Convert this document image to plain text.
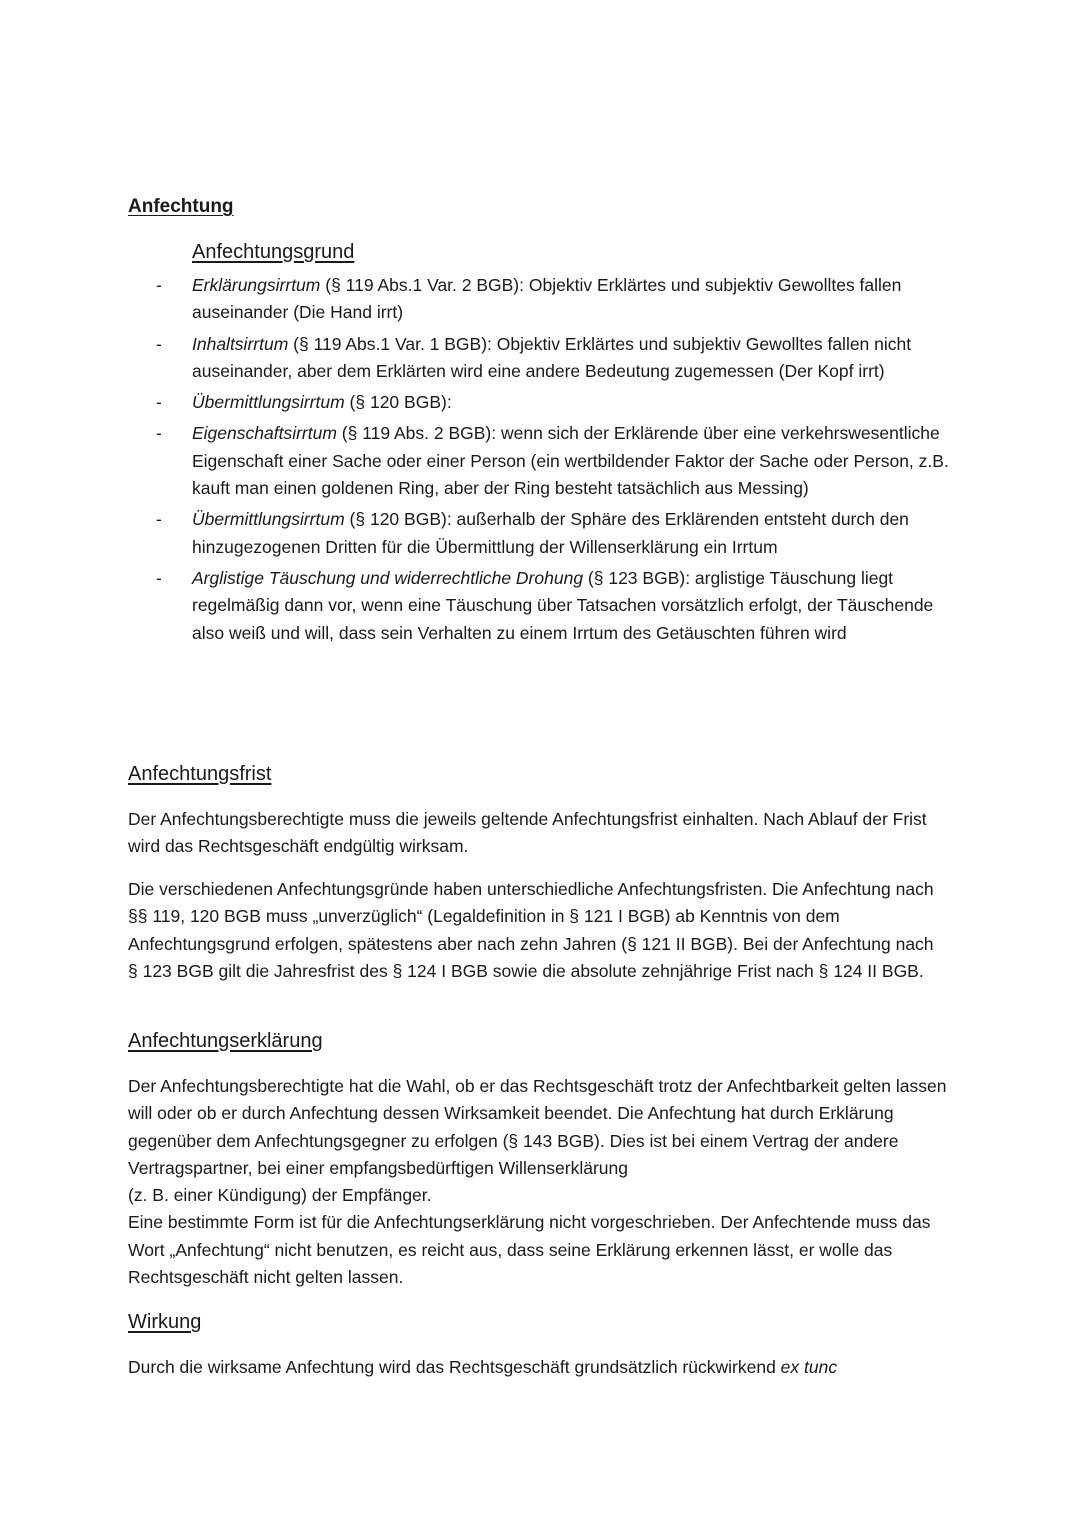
Anfechtung
Anfechtungsgrund
- Erklärungsirrtum (§ 119 Abs.1 Var. 2 BGB): Objektiv Erklärtes und subjektiv Gewolltes fallen auseinander (Die Hand irrt)
- Inhaltsirrtum (§ 119 Abs.1 Var. 1 BGB): Objektiv Erklärtes und subjektiv Gewolltes fallen nicht auseinander, aber dem Erklärten wird eine andere Bedeutung zugemessen (Der Kopf irrt)
- Übermittlungsirrtum (§ 120 BGB):
- Eigenschaftsirrtum (§ 119 Abs. 2 BGB): wenn sich der Erklärende über eine verkehrswesentliche Eigenschaft einer Sache oder einer Person (ein wertbildender Faktor der Sache oder Person, z.B. kauft man einen goldenen Ring, aber der Ring besteht tatsächlich aus Messing)
- Übermittlungsirrtum (§ 120 BGB): außerhalb der Sphäre des Erklärenden entsteht durch den hinzugezogenen Dritten für die Übermittlung der Willenserklärung ein Irrtum
- Arglistige Täuschung und widerrechtliche Drohung (§ 123 BGB): arglistige Täuschung liegt regelmäßig dann vor, wenn eine Täuschung über Tatsachen vorsätzlich erfolgt, der Täuschende also weiß und will, dass sein Verhalten zu einem Irrtum des Getäuschten führen wird
Anfechtungsfrist

Der Anfechtungsberechtigte muss die jeweils geltende Anfechtungsfrist einhalten. Nach Ablauf der Frist wird das Rechtsgeschäft endgültig wirksam.

Die verschiedenen Anfechtungsgründe haben unterschiedliche Anfechtungsfristen. Die Anfechtung nach §§ 119, 120 BGB muss „unverzüglich“ (Legaldefinition in § 121 I BGB) ab Kenntnis von dem Anfechtungsgrund erfolgen, spätestens aber nach zehn Jahren (§ 121 II BGB). Bei der Anfechtung nach § 123 BGB gilt die Jahresfrist des § 124 I BGB sowie die absolute zehnjährige Frist nach § 124 II BGB.

Anfechtungserklärung

Der Anfechtungsberechtigte hat die Wahl, ob er das Rechtsgeschäft trotz der Anfechtbarkeit gelten lassen will oder ob er durch Anfechtung dessen Wirksamkeit beendet. Die Anfechtung hat durch Erklärung gegenüber dem Anfechtungsgegner zu erfolgen (§ 143 BGB). Dies ist bei einem Vertrag der andere Vertragspartner, bei einer empfangsbedürftigen Willenserklärung

(z. B. einer Kündigung) der Empfänger.

Eine bestimmte Form ist für die Anfechtungserklärung nicht vorgeschrieben. Der Anfechtende muss das Wort „Anfechtung“ nicht benutzen, es reicht aus, dass seine Erklärung erkennen lässt, er wolle das Rechtsgeschäft nicht gelten lassen.

Wirkung

Durch die wirksame Anfechtung wird das Rechtsgeschäft grundsätzlich rückwirkend ex tunc
